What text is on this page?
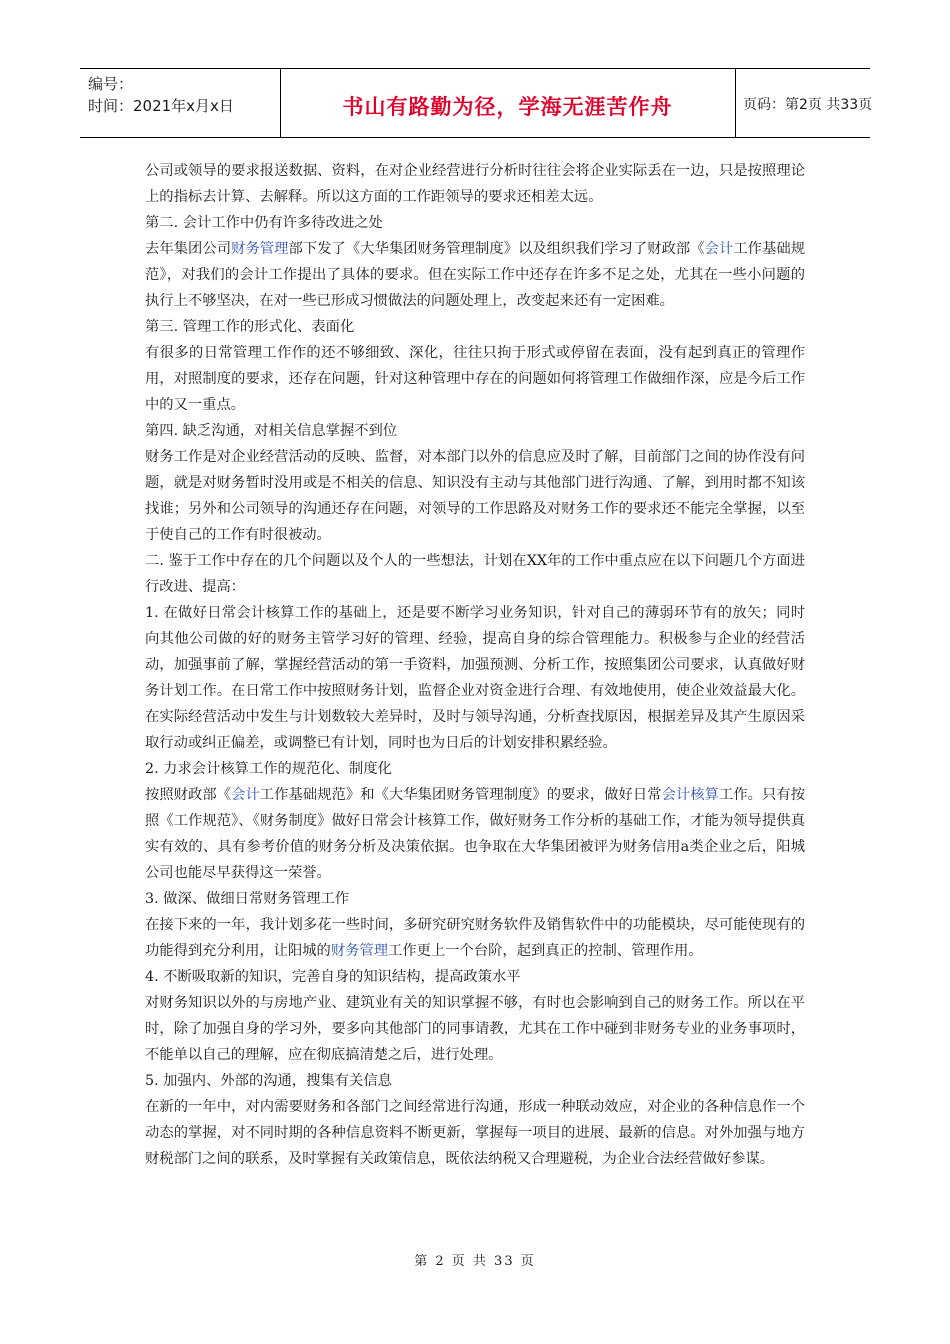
编号：
时间：2021年x月x日	书山有路勤为径，学海无涯苦作舟	页码：第2页 共33页

公司或领导的要求报送数据、资料，在对企业经营进行分析时往往会将企业实际丢在一边，只是按照理论上的指标去计算、去解释。所以这方面的工作距领导的要求还相差太远。

第二. 会计工作中仍有许多待改进之处

去年集团公司财务管理部下发了《大华集团财务管理制度》以及组织我们学习了财政部《会计工作基础规范》，对我们的会计工作提出了具体的要求。但在实际工作中还存在许多不足之处，尤其在一些小问题的执行上不够坚决，在对一些已形成习惯做法的问题处理上，改变起来还有一定困难。

第三. 管理工作的形式化、表面化

有很多的日常管理工作作的还不够细致、深化，往往只拘于形式或停留在表面，没有起到真正的管理作用，对照制度的要求，还存在问题，针对这种管理中存在的问题如何将管理工作做细作深，应是今后工作中的又一重点。

第四. 缺乏沟通，对相关信息掌握不到位

财务工作是对企业经营活动的反映、监督，对本部门以外的信息应及时了解，目前部门之间的协作没有问题，就是对财务暂时没用或是不相关的信息、知识没有主动与其他部门进行沟通、了解，到用时都不知该找谁；另外和公司领导的沟通还存在问题，对领导的工作思路及对财务工作的要求还不能完全掌握，以至于使自己的工作有时很被动。

二. 鉴于工作中存在的几个问题以及个人的一些想法，计划在XX年的工作中重点应在以下问题几个方面进行改进、提高：

1. 在做好日常会计核算工作的基础上，还是要不断学习业务知识，针对自己的薄弱环节有的放矢；同时向其他公司做的好的财务主管学习好的管理、经验，提高自身的综合管理能力。积极参与企业的经营活动，加强事前了解，掌握经营活动的第一手资料，加强预测、分析工作，按照集团公司要求，认真做好财务计划工作。在日常工作中按照财务计划，监督企业对资金进行合理、有效地使用，使企业效益最大化。在实际经营活动中发生与计划数较大差异时，及时与领导沟通，分析查找原因，根据差异及其产生原因采取行动或纠正偏差，或调整已有计划，同时也为日后的计划安排积累经验。

2. 力求会计核算工作的规范化、制度化

按照财政部《会计工作基础规范》和《大华集团财务管理制度》的要求，做好日常会计核算工作。只有按照《工作规范》、《财务制度》做好日常会计核算工作，做好财务工作分析的基础工作，才能为领导提供真实有效的、具有参考价值的财务分析及决策依据。也争取在大华集团被评为财务信用a类企业之后，阳城公司也能尽早获得这一荣誉。

3. 做深、做细日常财务管理工作

在接下来的一年，我计划多花一些时间，多研究研究财务软件及销售软件中的功能模块，尽可能使现有的功能得到充分利用，让阳城的财务管理工作更上一个台阶，起到真正的控制、管理作用。

4. 不断吸取新的知识，完善自身的知识结构，提高政策水平

对财务知识以外的与房地产业、建筑业有关的知识掌握不够，有时也会影响到自己的财务工作。所以在平时，除了加强自身的学习外，要多向其他部门的同事请教，尤其在工作中碰到非财务专业的业务事项时，不能单以自己的理解，应在彻底搞清楚之后，进行处理。

5. 加强内、外部的沟通，搜集有关信息

在新的一年中，对内需要财务和各部门之间经常进行沟通，形成一种联动效应，对企业的各种信息作一个动态的掌握，对不同时期的各种信息资料不断更新，掌握每一项目的进展、最新的信息。对外加强与地方财税部门之间的联系，及时掌握有关政策信息，既依法纳税又合理避税，为企业合法经营做好参谋。

第 2 页 共 33 页
